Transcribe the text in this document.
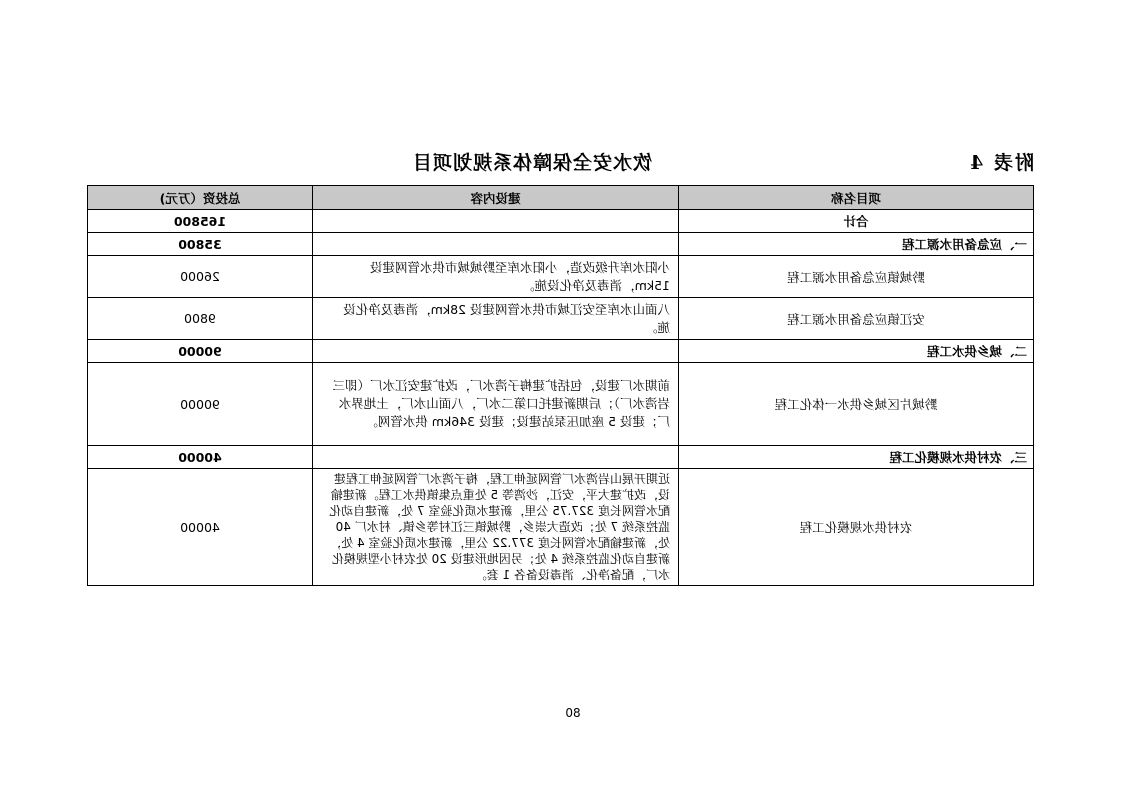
附表 4
饮水安全保障体系规划项目
项目名称	建设内容	总投资（万元)
合计		165800
一、应急备用水源工程		35800
黔城镇应急备用水源工程	小阳水库升级改造，小阳水库至黔城城市供水管网建设 15km，消毒及净化设施。	26000
安江镇应急备用水源工程	八面山水库至安江城市供水管网建设 28km，消毒及净化设施。	9800
二、城乡供水工程		90000
黔城片区城乡供水一体化工程	前期水厂建设，包括扩建梅子湾水厂，改扩建安江水厂（即三岩湾水厂）；后期新建托口第二水厂，八面山水厂，土地界水厂；建设 5 座加压泵站建设；建设 346km 供水管网。	90000
三、农村供水规模化工程		40000
农村供水规模化工程	近期开展山岩湾水厂管网延伸工程，梅子湾水厂管网延伸工程建设，改扩建大平，安江，沙湾等 5 处重点集镇供水工程。新建输配水管网长度 327.75 公里，新建水质化验室 7 处，新建自动化监控系统 7 处；改造大崇乡，黔城镇三江村等乡镇、村水厂 40 处，新建输配水管网长度 377.22 公里，新建水质化验室 4 处，新建自动化监控系统 4 处；另因地形建设 20 处农村小型规模化水厂，配备净化、消毒设备各 1 套。	40000
80
